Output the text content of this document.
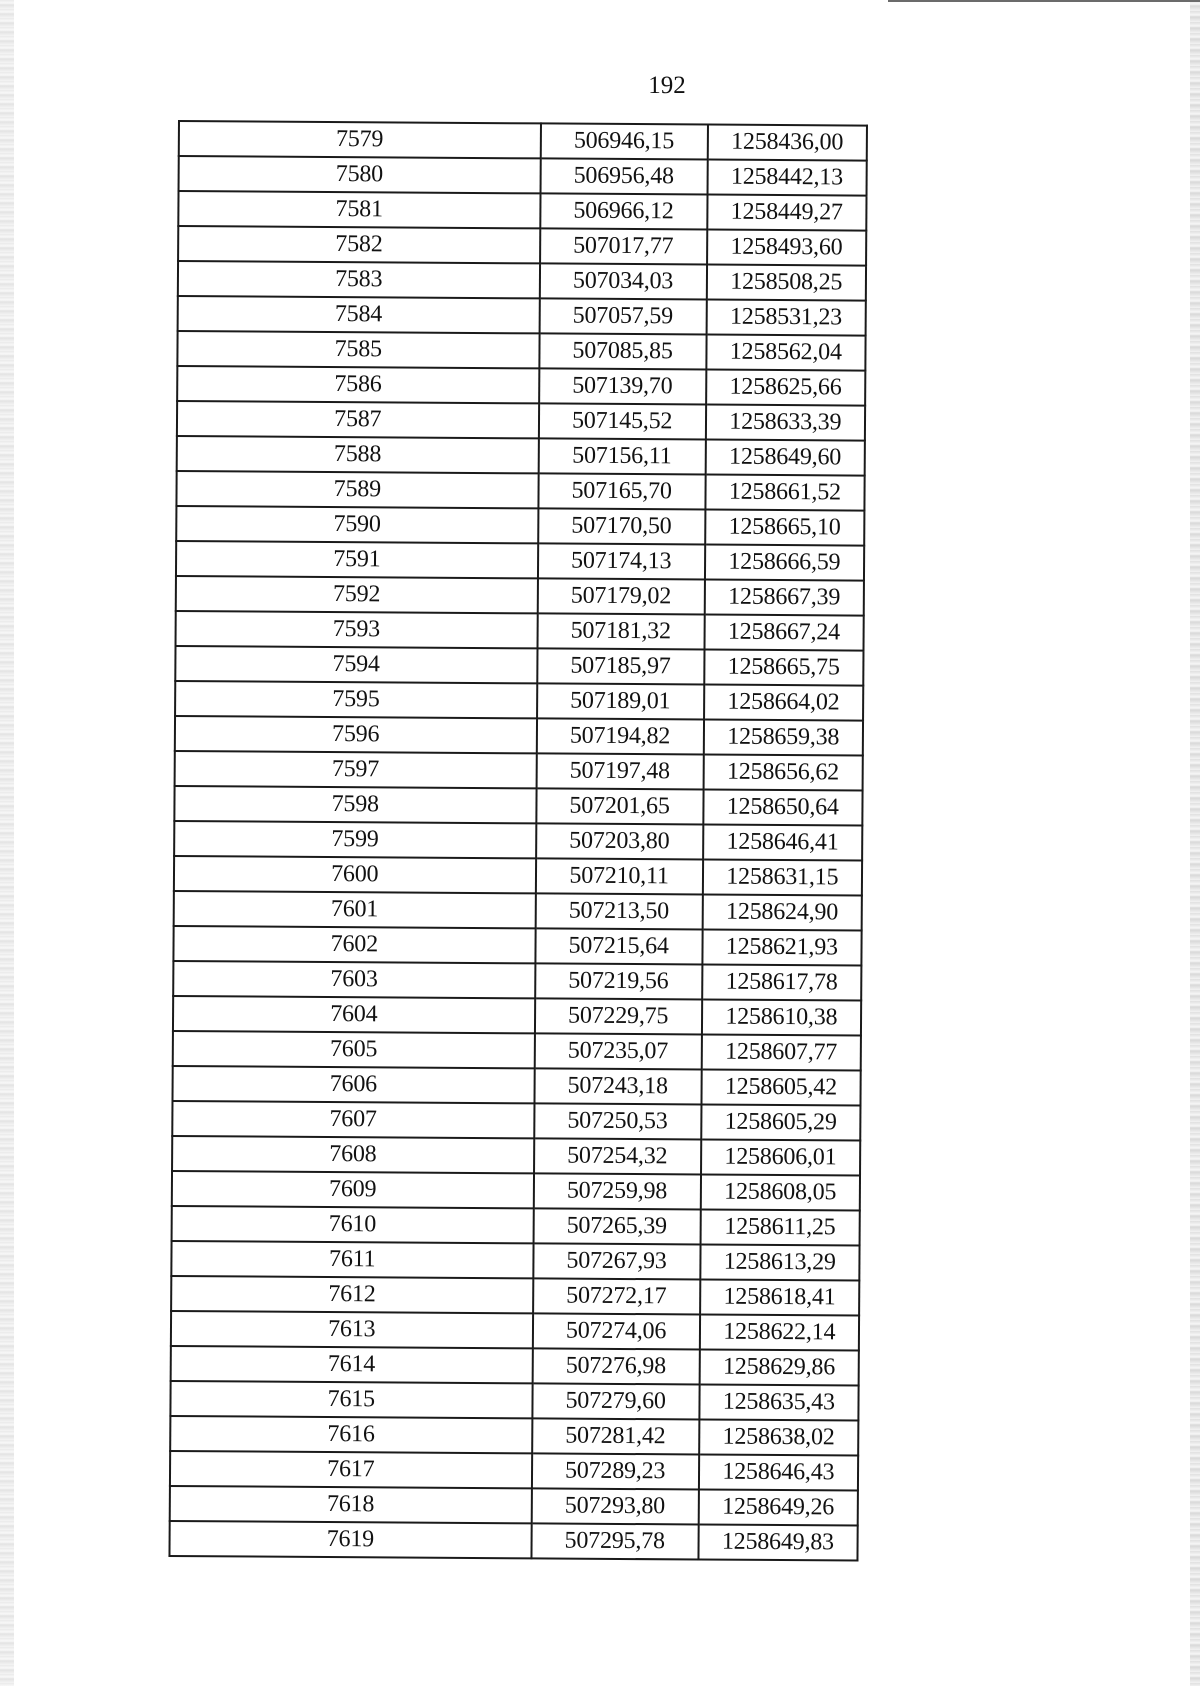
192
7579	506946,15	1258436,00
7580	506956,48	1258442,13
7581	506966,12	1258449,27
7582	507017,77	1258493,60
7583	507034,03	1258508,25
7584	507057,59	1258531,23
7585	507085,85	1258562,04
7586	507139,70	1258625,66
7587	507145,52	1258633,39
7588	507156,11	1258649,60
7589	507165,70	1258661,52
7590	507170,50	1258665,10
7591	507174,13	1258666,59
7592	507179,02	1258667,39
7593	507181,32	1258667,24
7594	507185,97	1258665,75
7595	507189,01	1258664,02
7596	507194,82	1258659,38
7597	507197,48	1258656,62
7598	507201,65	1258650,64
7599	507203,80	1258646,41
7600	507210,11	1258631,15
7601	507213,50	1258624,90
7602	507215,64	1258621,93
7603	507219,56	1258617,78
7604	507229,75	1258610,38
7605	507235,07	1258607,77
7606	507243,18	1258605,42
7607	507250,53	1258605,29
7608	507254,32	1258606,01
7609	507259,98	1258608,05
7610	507265,39	1258611,25
7611	507267,93	1258613,29
7612	507272,17	1258618,41
7613	507274,06	1258622,14
7614	507276,98	1258629,86
7615	507279,60	1258635,43
7616	507281,42	1258638,02
7617	507289,23	1258646,43
7618	507293,80	1258649,26
7619	507295,78	1258649,83
